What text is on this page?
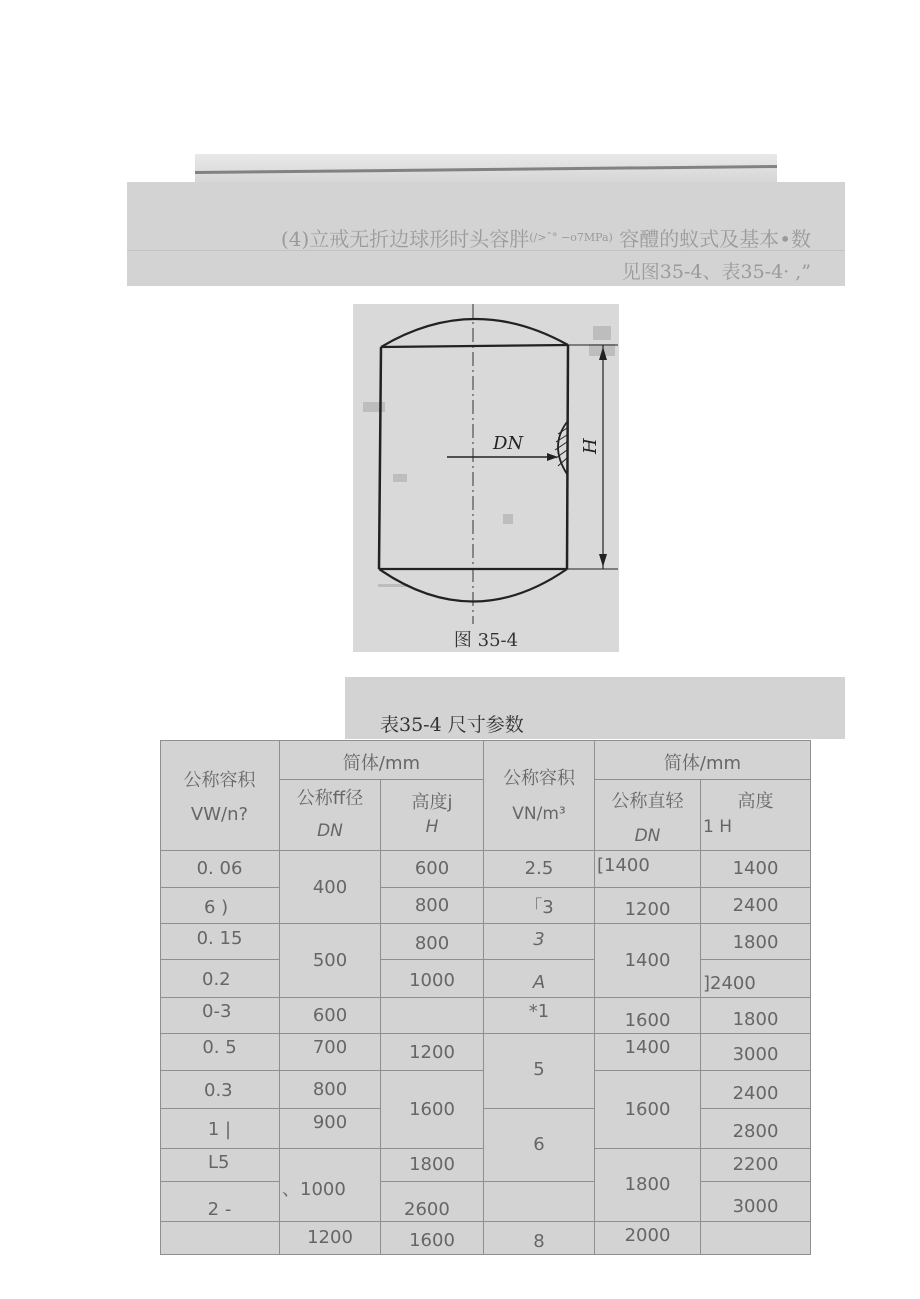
(4)立戒无折边球形时头容胖$^{(/>ˆ^\circ -o7MPa)}$ 容醴的蚁式及基本•数
见图35-4、表35-4· ,”
DN	H
图 35-4
表35-4 尺寸参数
公称容积
VW/n?
简体/mm
公称ff径
DN
高度j
H
公称容积
VN/m³
简体/mm
公称直轻
DN
高度
1 H
0. 06
6 )
0. 15
0.2
0-3
0. 5
0.3
1 |
L5
2 -
400
500
600
700
800
900
、1000
1200
600
800
800
1000
1200
1600
1800
2600
1600
2.5
「3
3
A
*1
5
6
8
[1400
1200
1400
1600
1400
1600
1800
2000
1400
2400
1800
]2400
1800
3000
2400
2800
2200
3000
